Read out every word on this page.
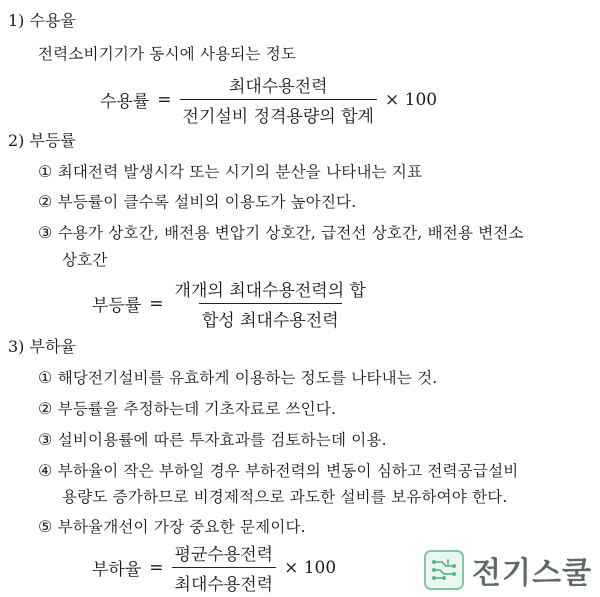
1) 수용율
전력소비기기가 동시에 사용되는 정도
수용률 = $\frac{\text{최대수용전력}}{\text{전기설비 정격용량의 합계}} \times 100$
2) 부등률
① 최대전력 발생시각 또는 시기의 분산을 나타내는 지표
② 부등률이 클수록 설비의 이용도가 높아진다.
③ 수용가 상호간, 배전용 변압기 상호간, 급전선 상호간, 배전용 변전소
상호간
부등률 = $\frac{\text{개개의 최대수용전력의 합}}{\text{합성 최대수용전력}}$
3) 부하율
① 해당전기설비를 유효하게 이용하는 정도를 나타내는 것.
② 부등률을 추정하는데 기초자료로 쓰인다.
③ 설비이용률에 따른 투자효과를 검토하는데 이용.
④ 부하율이 작은 부하일 경우 부하전력의 변동이 심하고 전력공급설비
용량도 증가하므로 비경제적으로 과도한 설비를 보유하여야 한다.
⑤ 부하율개선이 가장 중요한 문제이다.
부하율 = $\frac{\text{평균수용전력}}{\text{최대수용전력}} \times 100$	전기스쿨
